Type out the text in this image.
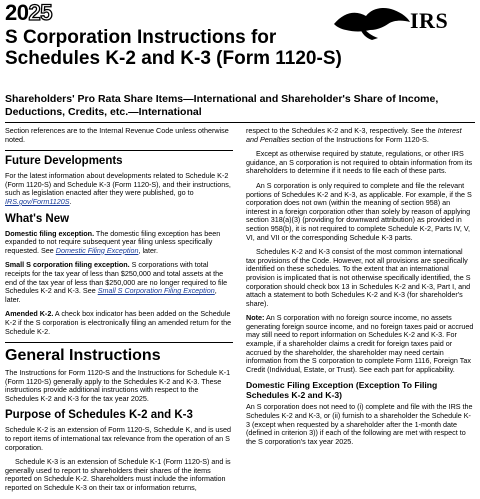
2025	IRS
S Corporation Instructions for Schedules K-2 and K-3 (Form 1120-S)
Shareholders' Pro Rata Share Items—International and Shareholder's Share of Income, Deductions, Credits, etc.—International

Section references are to the Internal Revenue Code unless otherwise noted.

Future Developments

For the latest information about developments related to Schedule K-2 (Form 1120-S) and Schedule K-3 (Form 1120-S), and their instructions, such as legislation enacted after they were published, go to IRS.gov/Form1120S.

What's New

Domestic filing exception. The domestic filing exception has been expanded to not require subsequent year filing unless specifically requested. See Domestic Filing Exception, later.

Small S corporation filing exception. S corporations with total receipts for the tax year of less than $250,000 and total assets at the end of the tax year of less than $250,000 are no longer required to file Schedules K-2 and K-3. See Small S Corporation Filing Exception, later.

Amended K-2. A check box indicator has been added on the Schedule K-2 if the S corporation is electronically filing an amended return for the Schedule K-2.

General Instructions

The Instructions for Form 1120-S and the Instructions for Schedule K-1 (Form 1120-S) generally apply to the Schedules K-2 and K-3. These instructions provide additional instructions with respect to the Schedules K-2 and K-3 for the tax year 2025.

Purpose of Schedules K-2 and K-3

Schedule K-2 is an extension of Form 1120-S, Schedule K, and is used to report items of international tax relevance from the operation of an S corporation.

Schedule K-3 is an extension of Schedule K-1 (Form 1120-S) and is generally used to report to shareholders their shares of the items reported on Schedule K-2. Shareholders must include the information reported on Schedule K-3 on their tax or information returns,

respect to the Schedules K-2 and K-3, respectively. See the Interest and Penalties section of the Instructions for Form 1120-S.

Except as otherwise required by statute, regulations, or other IRS guidance, an S corporation is not required to obtain information from its shareholders to determine if it needs to file each of these parts.

An S corporation is only required to complete and file the relevant portions of Schedules K-2 and K-3, as applicable. For example, if the S corporation does not own (within the meaning of section 958) an interest in a foreign corporation other than solely by reason of applying section 318(a)(3) (providing for downward attribution) as provided in section 958(b), it is not required to complete Schedule K-2, Parts IV, V, VI, and VII or the corresponding Schedule K-3 parts.

Schedules K-2 and K-3 consist of the most common international tax provisions of the Code. However, not all provisions are specifically identified on these schedules. To the extent that an international provision is implicated that is not otherwise specifically identified, the S corporation should check box 13 in Schedules K-2 and K-3, Part I, and attach a statement to both Schedules K-2 and K-3 (for shareholder's share).

Note: An S corporation with no foreign source income, no assets generating foreign source income, and no foreign taxes paid or accrued may still need to report information on Schedules K-2 and K-3. For example, if a shareholder claims a credit for foreign taxes paid or accrued by the shareholder, the shareholder may need certain information from the S corporation to complete Form 1116, Foreign Tax Credit (Individual, Estate, or Trust). See each part for applicability.

Domestic Filing Exception (Exception To Filing Schedules K-2 and K-3)

An S corporation does not need to (i) complete and file with the IRS the Schedules K-2 and K-3, or (ii) furnish to a shareholder the Schedule K-3 (except when requested by a shareholder after the 1-month date (defined in criterion 3)) if each of the following are met with respect to the S corporation's tax year 2025.
